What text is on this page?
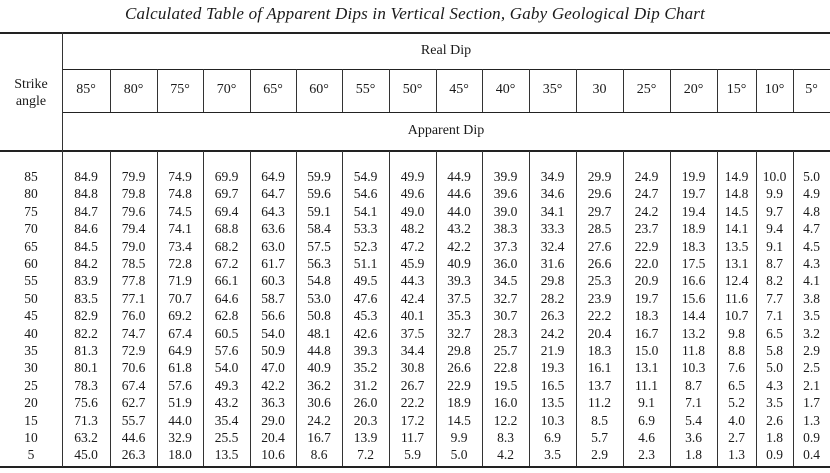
Calculated Table of Apparent Dips in Vertical Section, Gaby Geological Dip Chart
Strike
angle
Real Dip
Apparent Dip
85°	80°	75°	70°	65°	60°	55°	50°	45°	40°	35°	30	25°	20°	15°	10°	5°
85	84.9	79.9	74.9	69.9	64.9	59.9	54.9	49.9	44.9	39.9	34.9	29.9	24.9	19.9	14.9	10.0	5.0
80	84.8	79.8	74.8	69.7	64.7	59.6	54.6	49.6	44.6	39.6	34.6	29.6	24.7	19.7	14.8	9.9	4.9
75	84.7	79.6	74.5	69.4	64.3	59.1	54.1	49.0	44.0	39.0	34.1	29.7	24.2	19.4	14.5	9.7	4.8
70	84.6	79.4	74.1	68.8	63.6	58.4	53.3	48.2	43.2	38.3	33.3	28.5	23.7	18.9	14.1	9.4	4.7
65	84.5	79.0	73.4	68.2	63.0	57.5	52.3	47.2	42.2	37.3	32.4	27.6	22.9	18.3	13.5	9.1	4.5
60	84.2	78.5	72.8	67.2	61.7	56.3	51.1	45.9	40.9	36.0	31.6	26.6	22.0	17.5	13.1	8.7	4.3
55	83.9	77.8	71.9	66.1	60.3	54.8	49.5	44.3	39.3	34.5	29.8	25.3	20.9	16.6	12.4	8.2	4.1
50	83.5	77.1	70.7	64.6	58.7	53.0	47.6	42.4	37.5	32.7	28.2	23.9	19.7	15.6	11.6	7.7	3.8
45	82.9	76.0	69.2	62.8	56.6	50.8	45.3	40.1	35.3	30.7	26.3	22.2	18.3	14.4	10.7	7.1	3.5
40	82.2	74.7	67.4	60.5	54.0	48.1	42.6	37.5	32.7	28.3	24.2	20.4	16.7	13.2	9.8	6.5	3.2
35	81.3	72.9	64.9	57.6	50.9	44.8	39.3	34.4	29.8	25.7	21.9	18.3	15.0	11.8	8.8	5.8	2.9
30	80.1	70.6	61.8	54.0	47.0	40.9	35.2	30.8	26.6	22.8	19.3	16.1	13.1	10.3	7.6	5.0	2.5
25	78.3	67.4	57.6	49.3	42.2	36.2	31.2	26.7	22.9	19.5	16.5	13.7	11.1	8.7	6.5	4.3	2.1
20	75.6	62.7	51.9	43.2	36.3	30.6	26.0	22.2	18.9	16.0	13.5	11.2	9.1	7.1	5.2	3.5	1.7
15	71.3	55.7	44.0	35.4	29.0	24.2	20.3	17.2	14.5	12.2	10.3	8.5	6.9	5.4	4.0	2.6	1.3
10	63.2	44.6	32.9	25.5	20.4	16.7	13.9	11.7	9.9	8.3	6.9	5.7	4.6	3.6	2.7	1.8	0.9
5	45.0	26.3	18.0	13.5	10.6	8.6	7.2	5.9	5.0	4.2	3.5	2.9	2.3	1.8	1.3	0.9	0.4
